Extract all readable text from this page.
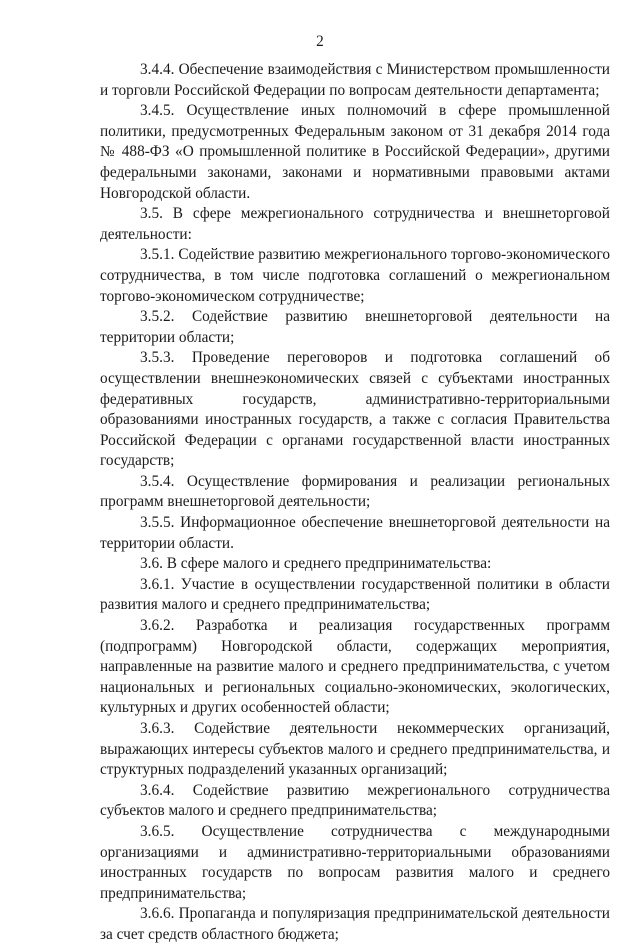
2

3.4.4. Обеспечение взаимодействия с Министерством промышленности и торговли Российской Федерации по вопросам деятельности департамента;

3.4.5. Осуществление иных полномочий в сфере промышленной политики, предусмотренных Федеральным законом от 31 декабря 2014 года № 488-ФЗ «О промышленной политике в Российской Федерации», другими федеральными законами, законами и нормативными правовыми актами Новгородской области.

3.5. В сфере межрегионального сотрудничества и внешнеторговой деятельности:

3.5.1. Содействие развитию межрегионального торгово-экономического сотрудничества, в том числе подготовка соглашений о межрегиональном торгово-экономическом сотрудничестве;

3.5.2. Содействие развитию внешнеторговой деятельности на территории области;

3.5.3. Проведение переговоров и подготовка соглашений об осуществлении внешнеэкономических связей с субъектами иностранных федеративных государств, административно-территориальными образованиями иностранных государств, а также с согласия Правительства Российской Федерации с органами государственной власти иностранных государств;

3.5.4. Осуществление формирования и реализации региональных программ внешнеторговой деятельности;

3.5.5. Информационное обеспечение внешнеторговой деятельности на территории области.

3.6. В сфере малого и среднего предпринимательства:

3.6.1. Участие в осуществлении государственной политики в области развития малого и среднего предпринимательства;

3.6.2. Разработка и реализация государственных программ (подпрограмм) Новгородской области, содержащих мероприятия, направленные на развитие малого и среднего предпринимательства, с учетом национальных и региональных социально-экономических, экологических, культурных и других особенностей области;

3.6.3. Содействие деятельности некоммерческих организаций, выражающих интересы субъектов малого и среднего предпринимательства, и структурных подразделений указанных организаций;

3.6.4. Содействие развитию межрегионального сотрудничества субъектов малого и среднего предпринимательства;

3.6.5. Осуществление сотрудничества с международными организациями и административно-территориальными образованиями иностранных государств по вопросам развития малого и среднего предпринимательства;

3.6.6. Пропаганда и популяризация предпринимательской деятельности за счет средств областного бюджета;
